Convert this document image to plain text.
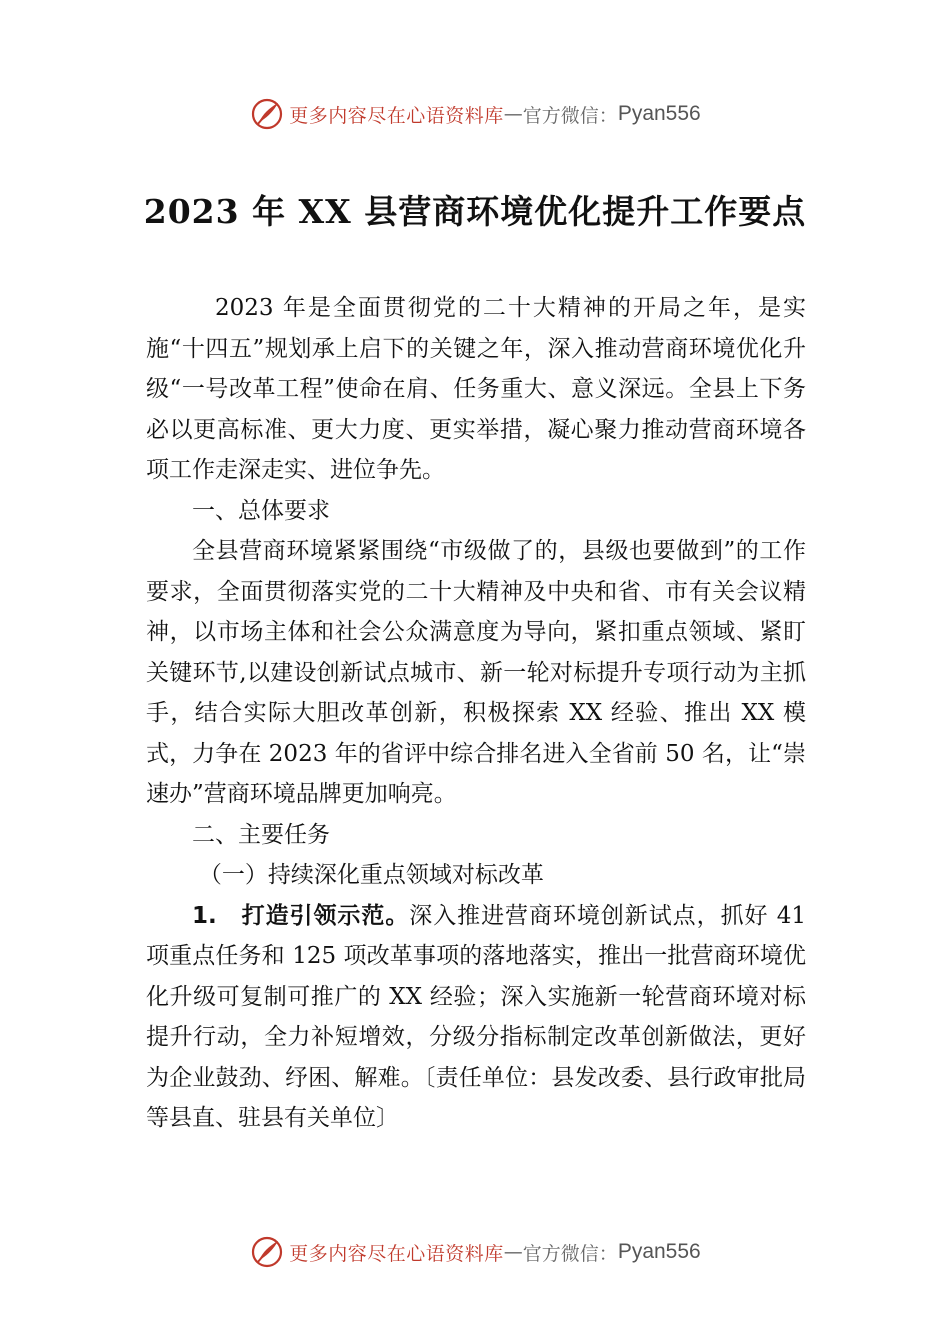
更多内容尽在心语资料库 — 官方微信： Pyan556
2023 年 XX 县营商环境优化提升工作要点

2023 年是全面贯彻党的二十大精神的开局之年，是实施“十四五”规划承上启下的关键之年，深入推动营商环境优化升级“一号改革工程”使命在肩、任务重大、意义深远。全县上下务必以更高标准、更大力度、更实举措，凝心聚力推动营商环境各项工作走深走实、进位争先。

一、总体要求

全县营商环境紧紧围绕“市级做了的，县级也要做到”的工作要求，全面贯彻落实党的二十大精神及中央和省、市有关会议精神，以市场主体和社会公众满意度为导向，紧扣重点领域、紧盯关键环节,以建设创新试点城市、新一轮对标提升专项行动为主抓手，结合实际大胆改革创新，积极探索 XX 经验、推出 XX 模式，力争在 2023 年的省评中综合排名进入全省前 50 名，让“崇速办”营商环境品牌更加响亮。

二、主要任务

（一）持续深化重点领域对标改革

1.　打造引领示范。深入推进营商环境创新试点，抓好 41 项重点任务和 125 项改革事项的落地落实，推出一批营商环境优化升级可复制可推广的 XX 经验；深入实施新一轮营商环境对标提升行动，全力补短增效，分级分指标制定改革创新做法，更好为企业鼓劲、纾困、解难。〔责任单位：县发改委、县行政审批局等县直、驻县有关单位〕

更多内容尽在心语资料库 — 官方微信： Pyan556
